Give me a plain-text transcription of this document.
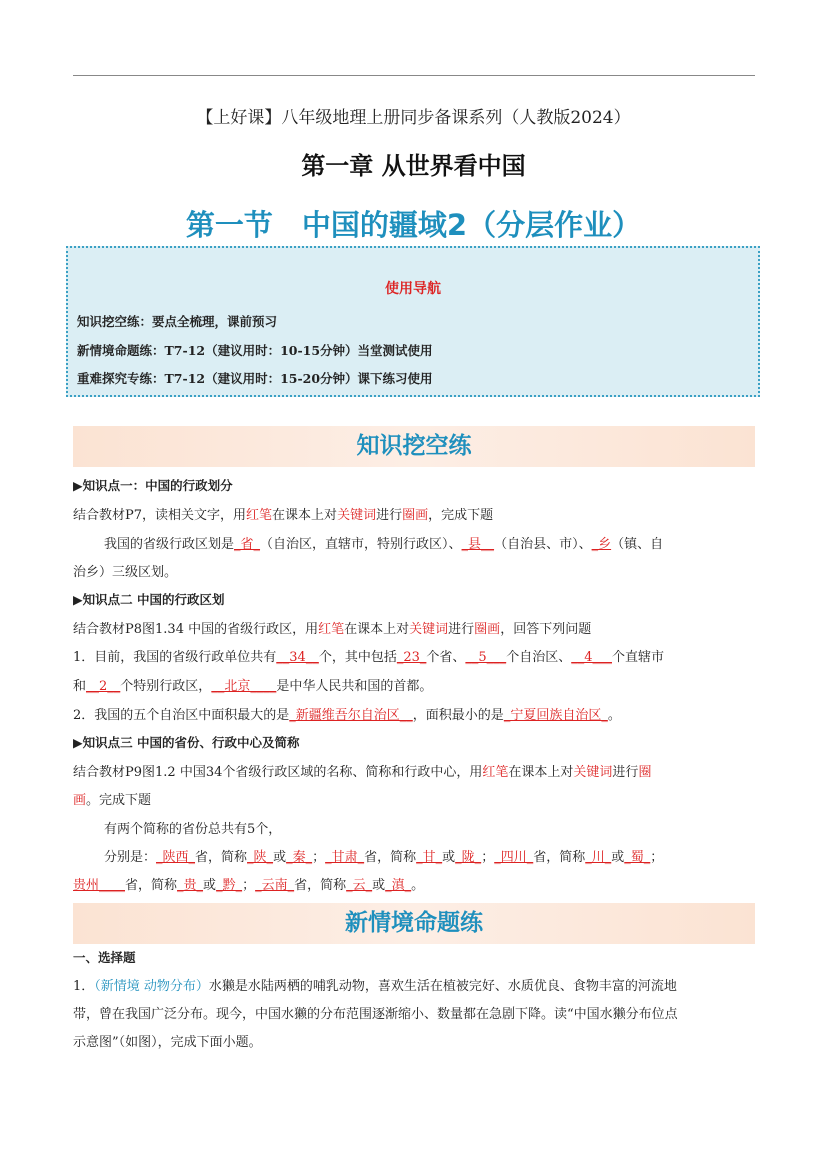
【上好课】八年级地理上册同步备课系列（人教版2024）
第一章 从世界看中国
第一节　中国的疆域2（分层作业）
使用导航
知识挖空练：要点全梳理，课前预习
新情境命题练：T7-12（建议用时：10-15分钟）当堂测试使用
重难探究专练：T7-12（建议用时：15-20分钟）课下练习使用
知识挖空练
▶知识点一：中国的行政划分
结合教材P7，读相关文字，用红笔在课本上对关键词进行圈画，完成下题
我国的省级行政区划是_省_（自治区，直辖市，特别行政区）、_县__（自治县、市）、_乡（镇、自
治乡）三级区划。
▶知识点二 中国的行政区划
结合教材P8图1.34 中国的省级行政区，用红笔在课本上对关键词进行圈画，回答下列问题
1．目前，我国的省级行政单位共有__34__个，其中包括_23_个省、__5___个自治区、__4___个直辖市
和__2__个特别行政区，__北京____是中华人民共和国的首都。
2．我国的五个自治区中面积最大的是_新疆维吾尔自治区__，面积最小的是_宁夏回族自治区_。
▶知识点三 中国的省份、行政中心及简称
结合教材P9图1.2 中国34个省级行政区域的名称、简称和行政中心，用红笔在课本上对关键词进行圈
画。完成下题
有两个简称的省份总共有5个，
分别是：_陕西_省，简称_陕_或_秦_；_甘肃_省，简称_甘_或_陇_；_四川_省，简称_川_或_蜀_；
贵州____省，简称_贵_或_黔_；_云南_省，简称_云_或_滇_。
新情境命题练
一、选择题
1．（新情境 动物分布）水獭是水陆两栖的哺乳动物，喜欢生活在植被完好、水质优良、食物丰富的河流地
带，曾在我国广泛分布。现今，中国水獭的分布范围逐渐缩小、数量都在急剧下降。读“中国水獭分布位点
示意图”（如图），完成下面小题。
